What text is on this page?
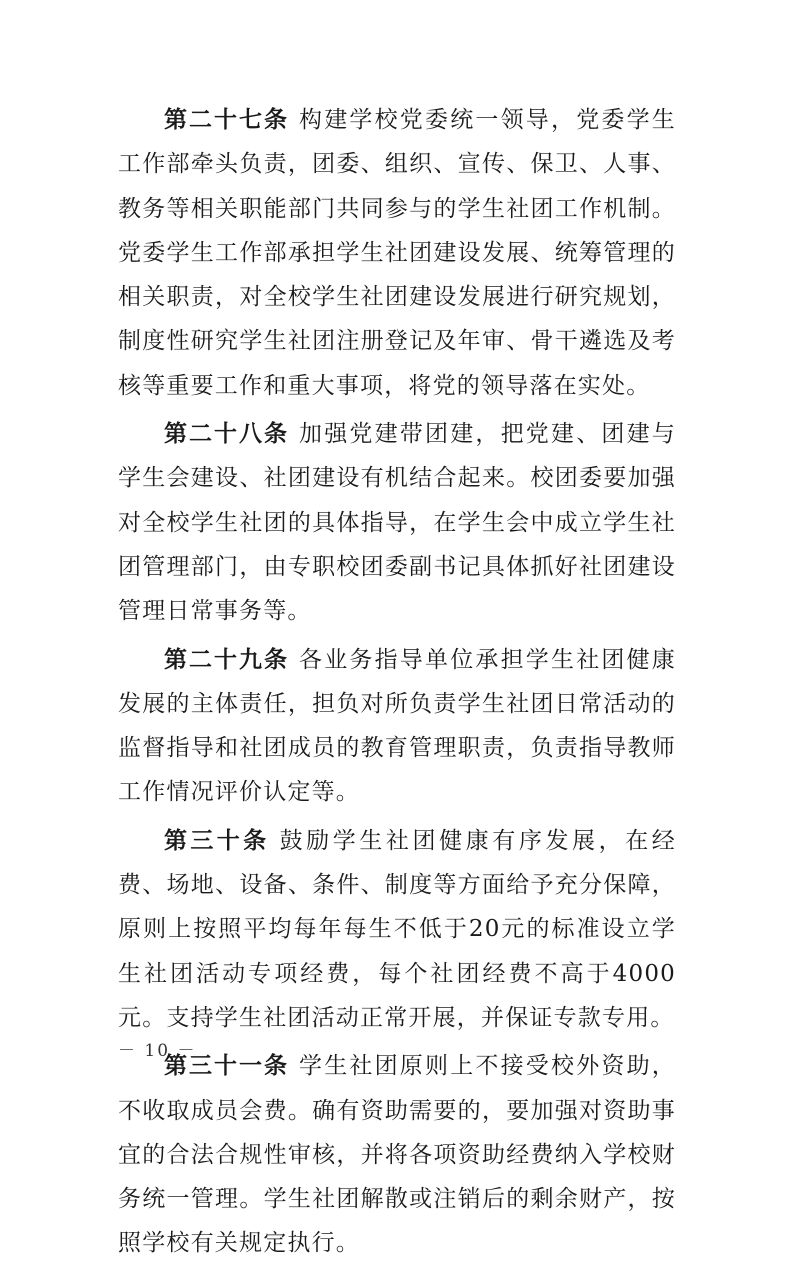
第二十七条 构建学校党委统一领导，党委学生工作部牵头负责，团委、组织、宣传、保卫、人事、教务等相关职能部门共同参与的学生社团工作机制。党委学生工作部承担学生社团建设发展、统筹管理的相关职责，对全校学生社团建设发展进行研究规划，制度性研究学生社团注册登记及年审、骨干遴选及考核等重要工作和重大事项，将党的领导落在实处。

第二十八条 加强党建带团建，把党建、团建与学生会建设、社团建设有机结合起来。校团委要加强对全校学生社团的具体指导，在学生会中成立学生社团管理部门，由专职校团委副书记具体抓好社团建设管理日常事务等。

第二十九条 各业务指导单位承担学生社团健康发展的主体责任，担负对所负责学生社团日常活动的监督指导和社团成员的教育管理职责，负责指导教师工作情况评价认定等。

第三十条 鼓励学生社团健康有序发展，在经费、场地、设备、条件、制度等方面给予充分保障，原则上按照平均每年每生不低于20元的标准设立学生社团活动专项经费，每个社团经费不高于4000元。支持学生社团活动正常开展，并保证专款专用。

第三十一条 学生社团原则上不接受校外资助，不收取成员会费。确有资助需要的，要加强对资助事宜的合法合规性审核，并将各项资助经费纳入学校财务统一管理。学生社团解散或注销后的剩余财产，按照学校有关规定执行。

－ 10 －
